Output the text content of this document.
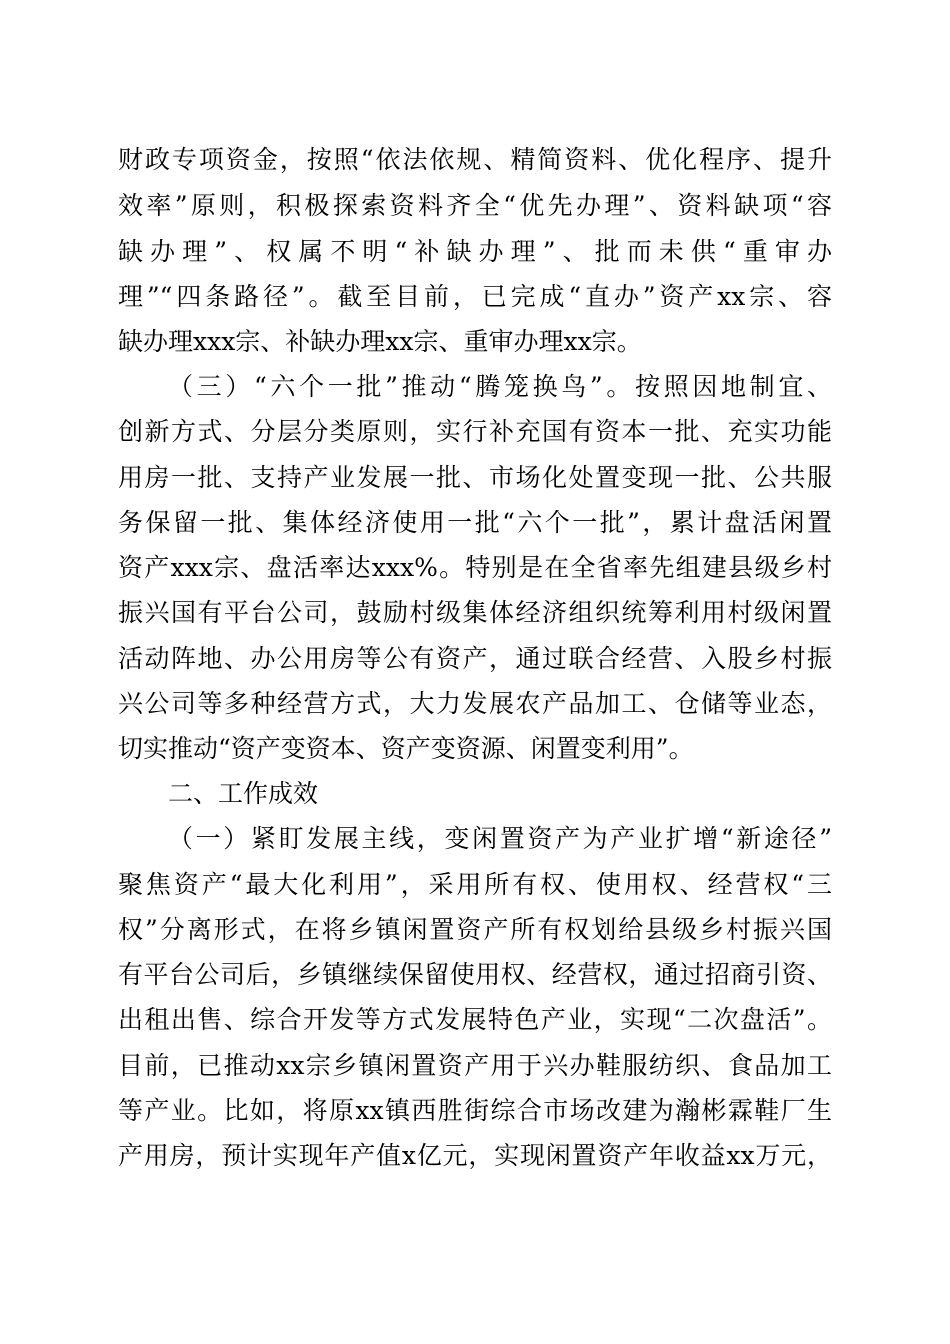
财政专项资金，按照“依法依规、精简资料、优化程序、提升
效率”原则，积极探索资料齐全“优先办理”、资料缺项“容
缺办理”、权属不明“补缺办理”、批而未供“重审办
理”“四条路径”。截至目前，已完成“直办”资产xx宗、容
缺办理xxx宗、补缺办理xx宗、重审办理xx宗。
（三）“六个一批”推动“腾笼换鸟”。按照因地制宜、
创新方式、分层分类原则，实行补充国有资本一批、充实功能
用房一批、支持产业发展一批、市场化处置变现一批、公共服
务保留一批、集体经济使用一批“六个一批”，累计盘活闲置
资产xxx宗、盘活率达xxx%。特别是在全省率先组建县级乡村
振兴国有平台公司，鼓励村级集体经济组织统筹利用村级闲置
活动阵地、办公用房等公有资产，通过联合经营、入股乡村振
兴公司等多种经营方式，大力发展农产品加工、仓储等业态，
切实推动“资产变资本、资产变资源、闲置变利用”。
二、工作成效
（一）紧盯发展主线，变闲置资产为产业扩增“新途径”
聚焦资产“最大化利用”，采用所有权、使用权、经营权“三
权”分离形式，在将乡镇闲置资产所有权划给县级乡村振兴国
有平台公司后，乡镇继续保留使用权、经营权，通过招商引资、
出租出售、综合开发等方式发展特色产业，实现“二次盘活”。
目前，已推动xx宗乡镇闲置资产用于兴办鞋服纺织、食品加工
等产业。比如，将原xx镇西胜街综合市场改建为瀚彬霖鞋厂生
产用房，预计实现年产值x亿元，实现闲置资产年收益xx万元，
